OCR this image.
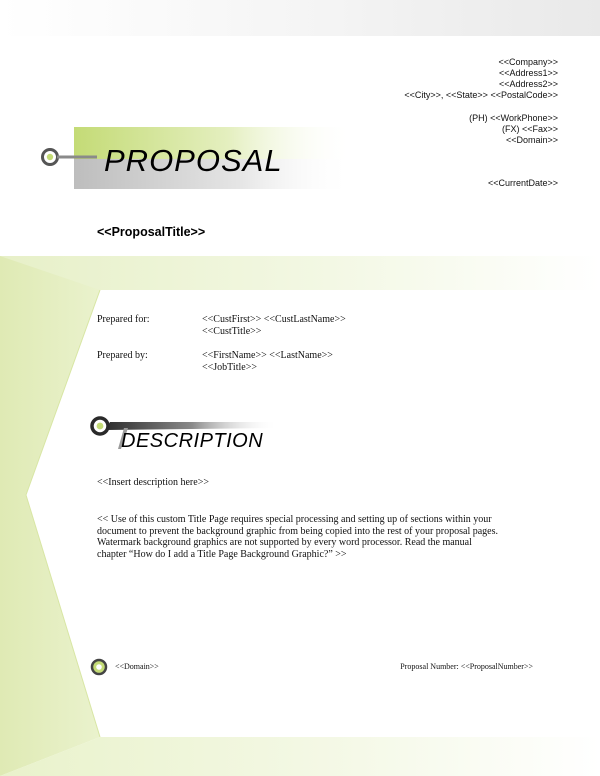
<<Company>>
<<Address1>>
<<Address2>>
<<City>>, <<State>> <<PostalCode>>
(PH) <<WorkPhone>>
(FX) <<Fax>>
<<Domain>>
<<CurrentDate>>
PROPOSAL
<<ProposalTitle>>
Prepared for:	<<CustFirst>> <<CustLastName>>
<<CustTitle>>
Prepared by:	<<FirstName>> <<LastName>>
<<JobTitle>>
DESCRIPTION
<<Insert description here>>
<< Use of this custom Title Page requires special processing and setting up of sections within your
document to prevent the background graphic from being copied into the rest of your proposal pages.
Watermark background graphics are not supported by every word processor. Read the manual
chapter “How do I add a Title Page Background Graphic?” >>
<<Domain>>	Proposal Number: <<ProposalNumber>>
